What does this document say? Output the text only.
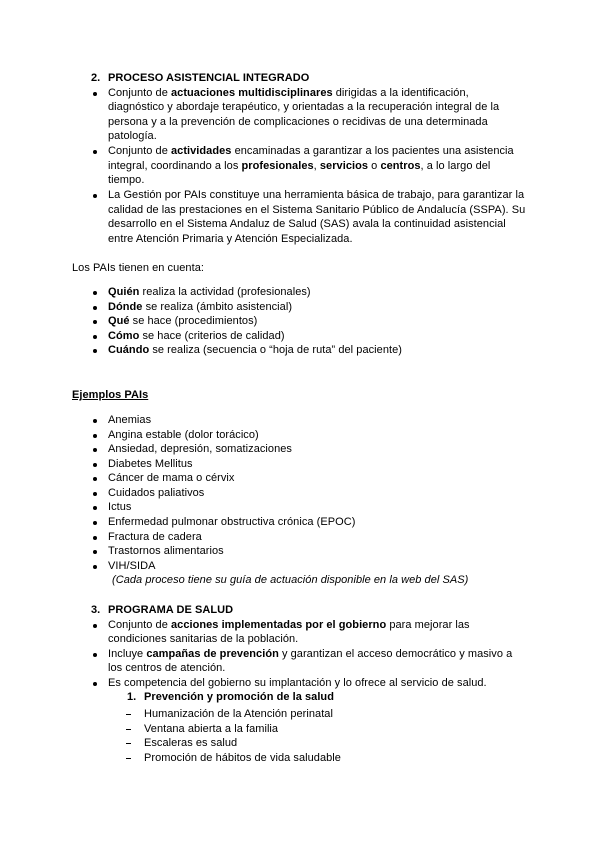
2. PROCESO ASISTENCIAL INTEGRADO
Conjunto de actuaciones multidisciplinares dirigidas a la identificación,
diagnóstico y abordaje terapéutico, y orientadas a la recuperación integral de la
persona y a la prevención de complicaciones o recidivas de una determinada
patología.
Conjunto de actividades encaminadas a garantizar a los pacientes una asistencia
integral, coordinando a los profesionales, servicios o centros, a lo largo del
tiempo.
La Gestión por PAIs constituye una herramienta básica de trabajo, para garantizar la
calidad de las prestaciones en el Sistema Sanitario Público de Andalucía (SSPA). Su
desarrollo en el Sistema Andaluz de Salud (SAS) avala la continuidad asistencial
entre Atención Primaria y Atención Especializada.
Los PAIs tienen en cuenta:
Quién realiza la actividad (profesionales)
Dónde se realiza (ámbito asistencial)
Qué se hace (procedimientos)
Cómo se hace (criterios de calidad)
Cuándo se realiza (secuencia o “hoja de ruta” del paciente)
Ejemplos PAIs
Anemias
Angina estable (dolor torácico)
Ansiedad, depresión, somatizaciones
Diabetes Mellitus
Cáncer de mama o cérvix
Cuidados paliativos
Ictus
Enfermedad pulmonar obstructiva crónica (EPOC)
Fractura de cadera
Trastornos alimentarios
VIH/SIDA
(Cada proceso tiene su guía de actuación disponible en la web del SAS)
3. PROGRAMA DE SALUD
Conjunto de acciones implementadas por el gobierno para mejorar las
condiciones sanitarias de la población.
Incluye campañas de prevención y garantizan el acceso democrático y masivo a
los centros de atención.
Es competencia del gobierno su implantación y lo ofrece al servicio de salud.
1. Prevención y promoción de la salud
Humanización de la Atención perinatal
Ventana abierta a la familia
Escaleras es salud
Promoción de hábitos de vida saludable
